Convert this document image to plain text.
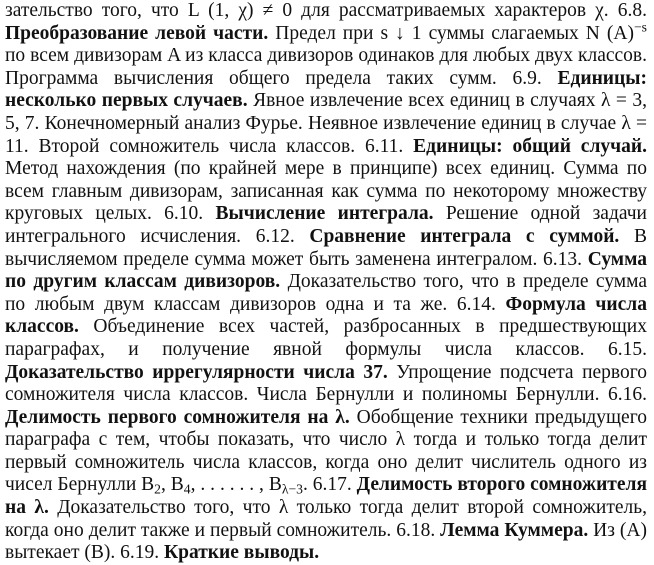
зательство того, что L (1, χ) ≠ 0 для рассматриваемых характеров χ. 6.8. Преобразование левой части. Предел при s ↓ 1 суммы слагаемых N $(A)^{-s}$ по всем дивизорам A из класса дивизоров одинаков для любых двух классов. Программа вычисления общего предела таких сумм. 6.9. Единицы: несколько первых случаев. Явное извлечение всех единиц в случаях λ = 3, 5, 7. Конечномерный анализ Фурье. Неявное извлечение единиц в случае λ = 11. Второй сомножитель числа классов. 6.11. Единицы: общий случай. Метод нахождения (по крайней мере в принципе) всех единиц. Сумма по всем главным дивизорам, записанная как сумма по некоторому множеству круговых целых. 6.10. Вычисление интеграла. Решение одной задачи интегрального исчисления. 6.12. Сравнение интеграла с суммой. В вычисляемом пределе сумма может быть заменена интегралом. 6.13. Сумма по другим классам дивизоров. Доказательство того, что в пределе сумма по любым двум классам дивизоров одна и та же. 6.14. Формула числа классов. Объединение всех частей, разбросанных в предшествующих параграфах, и получение явной формулы числа классов. 6.15. Доказательство иррегулярности числа 37. Упрощение подсчета первого сомножителя числа классов. Числа Бернулли и полиномы Бернулли. 6.16. Делимость первого сомножителя на λ. Обобщение техники предыдущего параграфа с тем, чтобы показать, что число λ тогда и только тогда делит первый сомножитель числа классов, когда оно делит числитель одного из чисел Бернулли $B_2$, $B_4$, . . . . . . , $B_{\lambda-3}$. 6.17. Делимость второго сомножителя на λ. Доказательство того, что λ только тогда делит второй сомножитель, когда оно делит также и первый сомножитель. 6.18. Лемма Куммера. Из (A) вытекает (B). 6.19. Краткие выводы.
